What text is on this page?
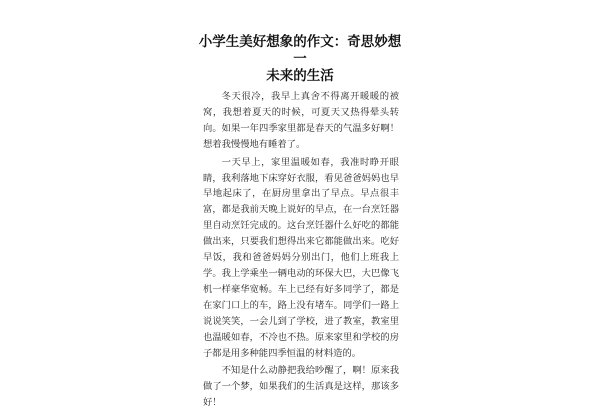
小学生美好想象的作文：奇思妙想一
未来的生活

冬天很冷，我早上真舍不得离开暖暖的被窝，我想着夏天的时候，可夏天又热得晕头转向。如果一年四季家里都是春天的气温多好啊！想着我慢慢地有睡着了。

一天早上，家里温暖如春，我准时睁开眼睛，我利落地下床穿好衣服，看见爸爸妈妈也早早地起床了，在厨房里拿出了早点。早点很丰富，都是我前天晚上说好的早点，在一台烹饪器里自动烹饪完成的。这台烹饪器什么好吃的都能做出来，只要我们想得出来它都能做出来。吃好早饭，我和爸爸妈妈分别出门，他们上班我上学。我上学乘坐一辆电动的环保大巴，大巴像飞机一样豪华宽畅。车上已经有好多同学了，都是在家门口上的车，路上没有堵车。同学们一路上说说笑笑，一会儿到了学校，进了教室，教室里也温暖如春，不冷也不热。原来家里和学校的房子都是用多种能四季恒温的材料造的。

不知是什么动静把我给吵醒了，啊！原来我做了一个梦，如果我们的生活真是这样，那该多好！
